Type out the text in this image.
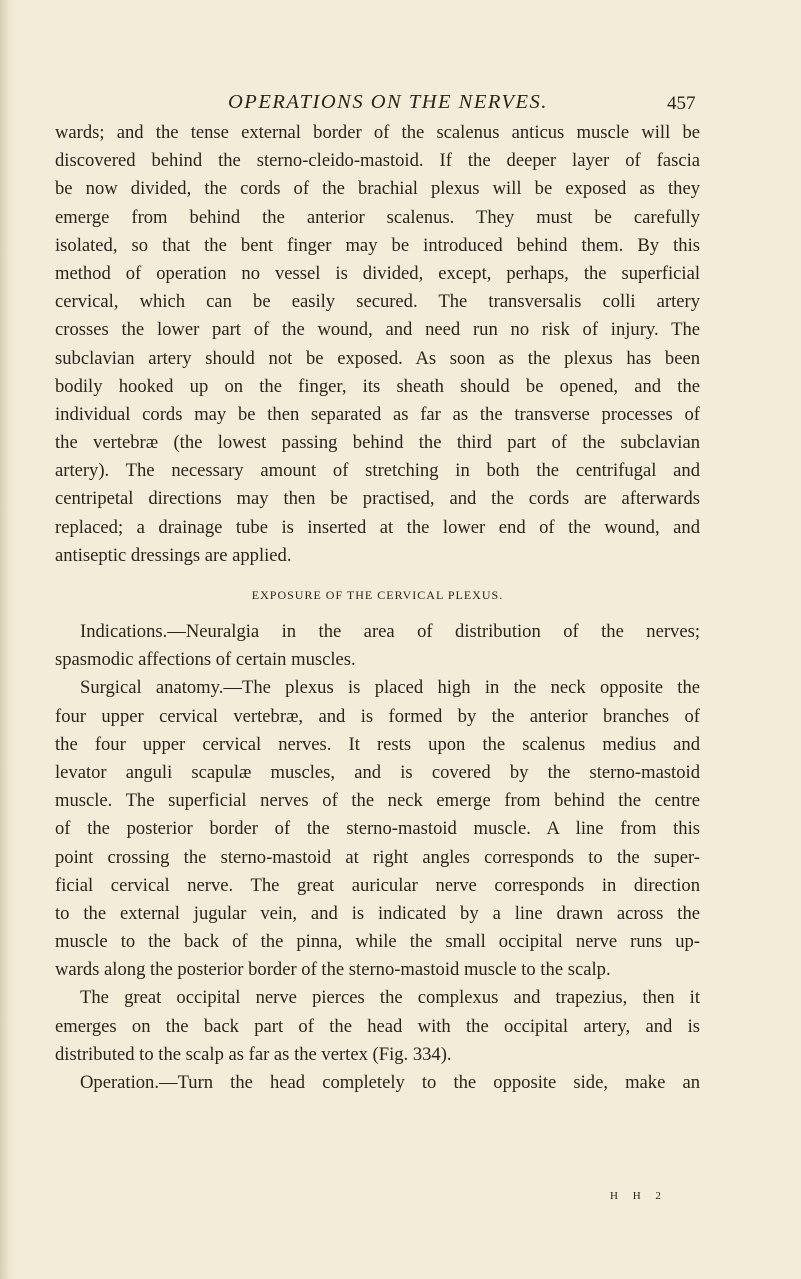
OPERATIONS ON THE NERVES.	457
wards; and the tense external border of the scalenus anticus muscle will be
discovered behind the sterno-cleido-mastoid. If the deeper layer of fascia
be now divided, the cords of the brachial plexus will be exposed as they
emerge from behind the anterior scalenus. They must be carefully
isolated, so that the bent finger may be introduced behind them. By this
method of operation no vessel is divided, except, perhaps, the superficial
cervical, which can be easily secured. The transversalis colli artery
crosses the lower part of the wound, and need run no risk of injury. The
subclavian artery should not be exposed. As soon as the plexus has been
bodily hooked up on the finger, its sheath should be opened, and the
individual cords may be then separated as far as the transverse processes of
the vertebræ (the lowest passing behind the third part of the subclavian
artery). The necessary amount of stretching in both the centrifugal and
centripetal directions may then be practised, and the cords are afterwards
replaced; a drainage tube is inserted at the lower end of the wound, and
antiseptic dressings are applied.
EXPOSURE OF THE CERVICAL PLEXUS.
Indications.—Neuralgia in the area of distribution of the nerves;
spasmodic affections of certain muscles.
Surgical anatomy.—The plexus is placed high in the neck opposite the
four upper cervical vertebræ, and is formed by the anterior branches of
the four upper cervical nerves. It rests upon the scalenus medius and
levator anguli scapulæ muscles, and is covered by the sterno-mastoid
muscle. The superficial nerves of the neck emerge from behind the centre
of the posterior border of the sterno-mastoid muscle. A line from this
point crossing the sterno-mastoid at right angles corresponds to the super-
ficial cervical nerve. The great auricular nerve corresponds in direction
to the external jugular vein, and is indicated by a line drawn across the
muscle to the back of the pinna, while the small occipital nerve runs up-
wards along the posterior border of the sterno-mastoid muscle to the scalp.
The great occipital nerve pierces the complexus and trapezius, then it
emerges on the back part of the head with the occipital artery, and is
distributed to the scalp as far as the vertex (Fig. 334).
Operation.—Turn the head completely to the opposite side, make an
H H 2
